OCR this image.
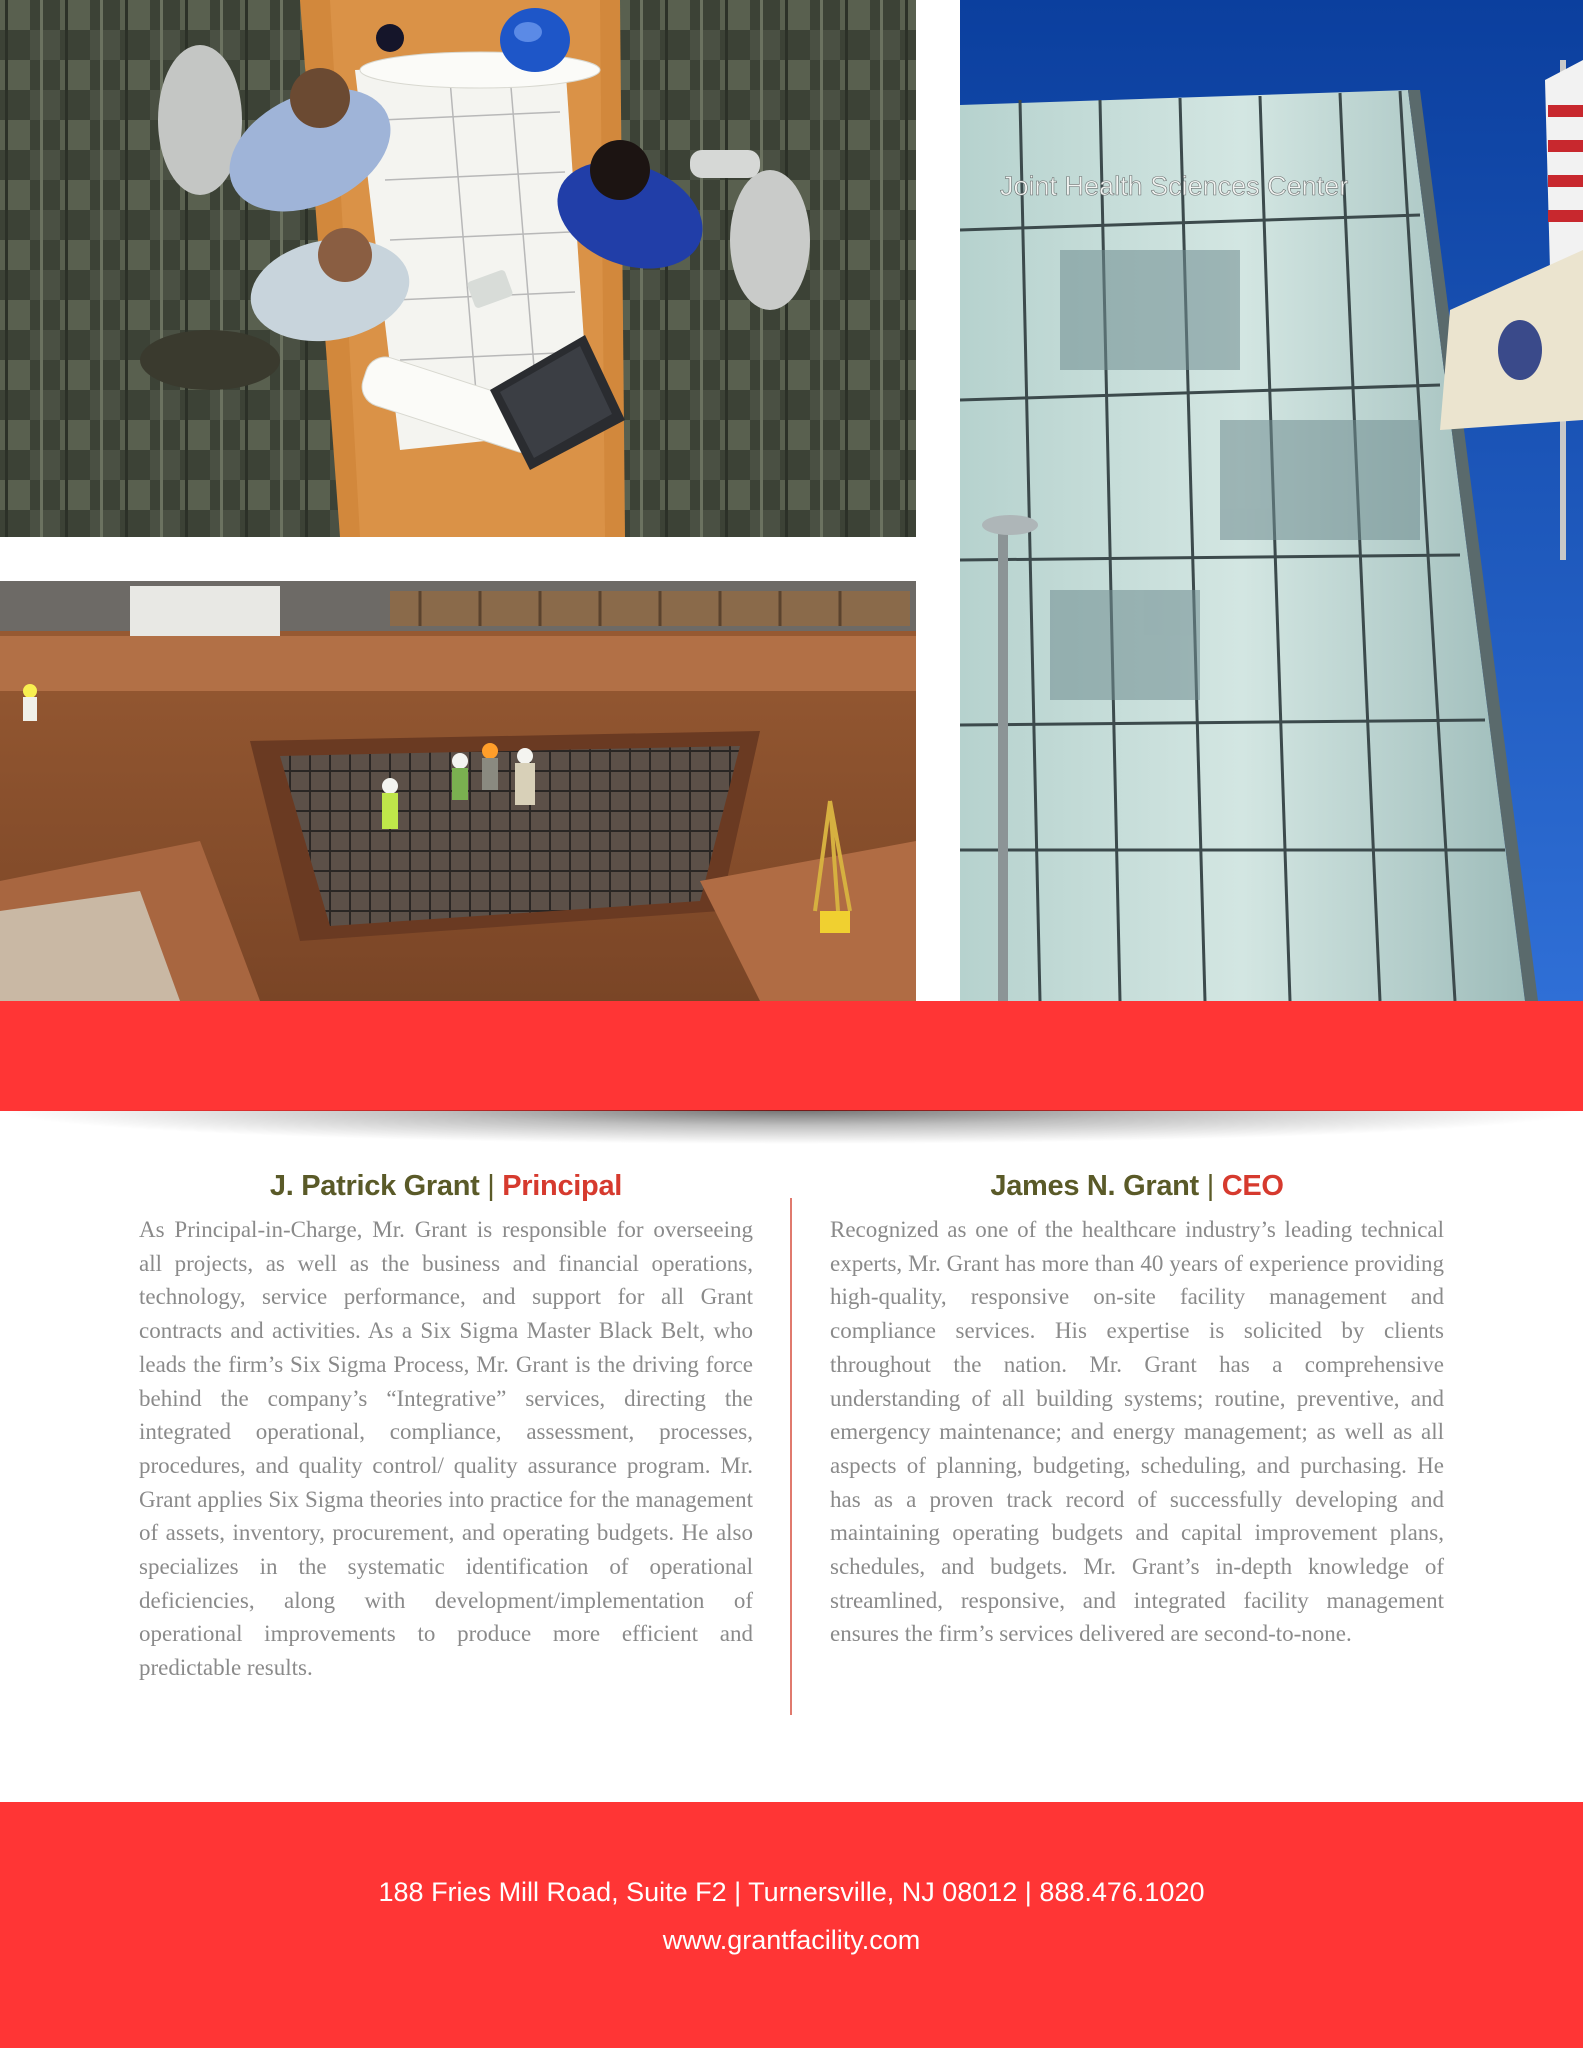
Joint Health Sciences Center
J. Patrick Grant | Principal

As Principal-in-Charge, Mr. Grant is responsible for overseeing all projects, as well as the business and financial operations, technology, service performance, and support for all Grant contracts and activities. As a Six Sigma Master Black Belt, who leads the firm’s Six Sigma Process, Mr. Grant is the driving force behind the company’s “Integrative” services, directing the integrated operational, compliance, assessment, processes, procedures, and quality control/ quality assurance program. Mr. Grant applies Six Sigma theories into practice for the management of assets, inventory, procurement, and operating budgets. He also specializes in the systematic identification of operational deficiencies, along with development/implementation of operational improvements to produce more efficient and predictable results.

James N. Grant | CEO

Recognized as one of the healthcare industry’s leading technical experts, Mr. Grant has more than 40 years of experience providing high-quality, responsive on-site facility management and compliance services. His expertise is solicited by clients throughout the nation. Mr. Grant has a comprehensive understanding of all building systems; routine, preventive, and emergency maintenance; and energy management; as well as all aspects of planning, budgeting, scheduling, and purchasing. He has as a proven track record of successfully developing and maintaining operating budgets and capital improvement plans, schedules, and budgets. Mr. Grant’s in-depth knowledge of streamlined, responsive, and integrated facility management ensures the firm’s services delivered are second-to-none.

188 Fries Mill Road, Suite F2 | Turnersville, NJ 08012 | 888.476.1020
www.grantfacility.com
